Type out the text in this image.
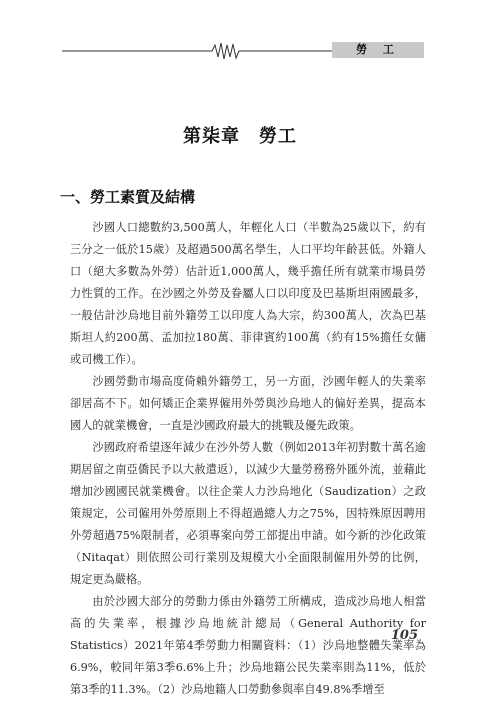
勞 工
第柒章　勞工
一、勞工素質及結構

沙國人口總數約3,500萬人，年輕化人口（半數為25歲以下，約有三分之一低於15歲）及超過500萬名學生，人口平均年齡甚低。外籍人口（絕大多數為外勞）估計近1,000萬人，幾乎擔任所有就業市場員勞力性質的工作。在沙國之外勞及眷屬人口以印度及巴基斯坦兩國最多，一般估計沙烏地目前外籍勞工以印度人為大宗，約300萬人，次為巴基斯坦人約200萬、孟加拉180萬、菲律賓約100萬（約有15%擔任女傭或司機工作）。

沙國勞動市場高度倚賴外籍勞工，另一方面，沙國年輕人的失業率卻居高不下。如何矯正企業界僱用外勞與沙烏地人的偏好差異，提高本國人的就業機會，一直是沙國政府最大的挑戰及優先政策。

沙國政府希望逐年減少在沙外勞人數（例如2013年初對數十萬名逾期居留之南亞僑民予以大赦遣返），以減少大量勞務務外匯外流，並藉此增加沙國國民就業機會。以往企業人力沙烏地化（Saudization）之政策規定，公司僱用外勞原則上不得超過總人力之75%，因特殊原因聘用外勞超過75%限制者，必須專案向勞工部提出申請。如今新的沙化政策（Nitaqat）則依照公司行業別及規模大小全面限制僱用外勞的比例，規定更為嚴格。

由於沙國大部分的勞動力係由外籍勞工所構成，造成沙烏地人相當高的失業率，根據沙烏地統計總局（General Authority for Statistics）2021年第4季勞動力相關資料：（1）沙烏地整體失業率為6.9%，較同年第3季6.6%上升；沙烏地籍公民失業率則為11%，低於第3季的11.3%。（2）沙烏地籍人口勞動參與率自49.8%季增至

105
